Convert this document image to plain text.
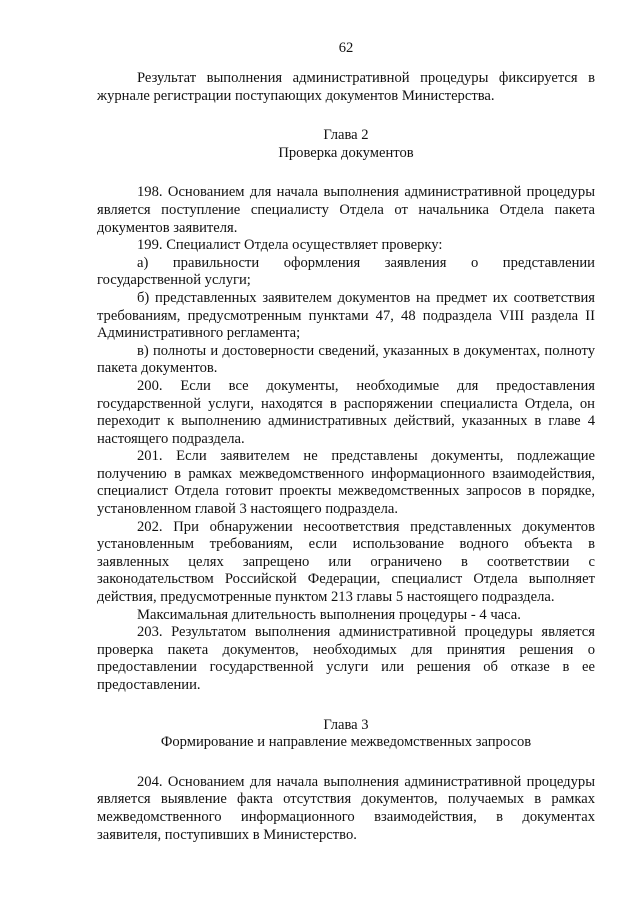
62

Результат выполнения административной процедуры фиксируется в журнале регистрации поступающих документов Министерства.

Глава 2

Проверка документов

198. Основанием для начала выполнения административной процедуры является поступление специалисту Отдела от начальника Отдела пакета документов заявителя.

199. Специалист Отдела осуществляет проверку:

а) правильности оформления заявления о представлении государственной услуги;

б) представленных заявителем документов на предмет их соответствия требованиям, предусмотренным пунктами 47, 48 подраздела VIII раздела II Административного регламента;

в) полноты и достоверности сведений, указанных в документах, полноту пакета документов.

200. Если все документы, необходимые для предоставления государственной услуги, находятся в распоряжении специалиста Отдела, он переходит к выполнению административных действий, указанных в главе 4 настоящего подраздела.

201. Если заявителем не представлены документы, подлежащие получению в рамках межведомственного информационного взаимодействия, специалист Отдела готовит проекты межведомственных запросов в порядке, установленном главой 3 настоящего подраздела.

202. При обнаружении несоответствия представленных документов установленным требованиям, если использование водного объекта в заявленных целях запрещено или ограничено в соответствии с законодательством Российской Федерации, специалист Отдела выполняет действия, предусмотренные пунктом 213 главы 5 настоящего подраздела.

Максимальная длительность выполнения процедуры - 4 часа.

203. Результатом выполнения административной процедуры является проверка пакета документов, необходимых для принятия решения о предоставлении государственной услуги или решения об отказе в ее предоставлении.

Глава 3

Формирование и направление межведомственных запросов

204. Основанием для начала выполнения административной процедуры является выявление факта отсутствия документов, получаемых в рамках межведомственного информационного взаимодействия, в документах заявителя, поступивших в Министерство.
